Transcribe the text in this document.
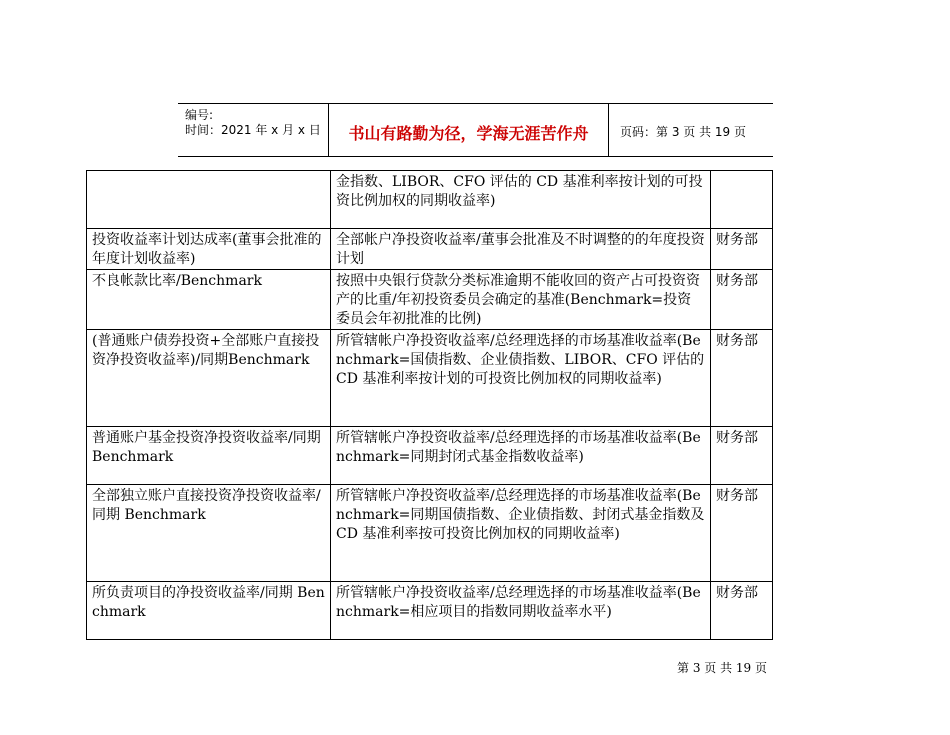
编号:
时间：2021 年 x 月 x 日	书山有路勤为径，学海无涯苦作舟	页码：第 3 页 共 19 页
	金指数、LIBOR、CFO 评估的 CD 基准利率按计划的可投资比例加权的同期收益率)	
投资收益率计划达成率(董事会批准的年度计划收益率)	全部帐户净投资收益率/董事会批准及不时调整的的年度投资计划	财务部
不良帐款比率/Benchmark	按照中央银行贷款分类标准逾期不能收回的资产占可投资资产的比重/年初投资委员会确定的基准(Benchmark=投资委员会年初批准的比例)	财务部
(普通账户债券投资+全部账户直接投资净投资收益率)/同期Benchmark	所管辖帐户净投资收益率/总经理选择的市场基准收益率(Benchmark=国债指数、企业债指数、LIBOR、CFO 评估的 CD 基准利率按计划的可投资比例加权的同期收益率)	财务部
普通账户基金投资净投资收益率/同期 Benchmark	所管辖帐户净投资收益率/总经理选择的市场基准收益率(Benchmark=同期封闭式基金指数收益率)	财务部
全部独立账户直接投资净投资收益率/同期 Benchmark	所管辖帐户净投资收益率/总经理选择的市场基准收益率(Benchmark=同期国债指数、企业债指数、封闭式基金指数及 CD 基准利率按可投资比例加权的同期收益率)	财务部
所负责项目的净投资收益率/同期 Benchmark	所管辖帐户净投资收益率/总经理选择的市场基准收益率(Benchmark=相应项目的指数同期收益率水平)	财务部
第 3 页 共 19 页
